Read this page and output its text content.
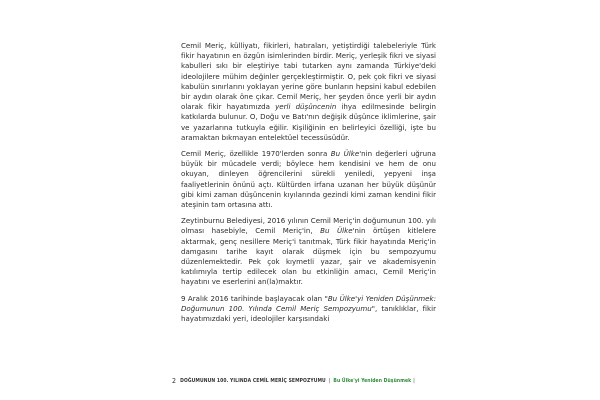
Cemil Meriç, külliyatı, fikirleri, hatıraları, yetiştirdiği talebeleriyle Türk fikir hayatının en özgün isimlerinden birdir. Meriç, yerleşik fikri ve siyasi kabulleri sıkı bir eleştiriye tabi tutarken aynı zamanda Türkiye'deki ideolojilere mühim değinler gerçekleştirmiştir. O, pek çok fikri ve siyasi kabulün sınırlarını yoklayan yerine göre bunların hepsini kabul edebilen bir aydın olarak öne çıkar. Cemil Meriç, her şeyden önce yerli bir aydın olarak fikir hayatımızda yerli düşüncenin ihya edilmesinde belirgin katkılarda bulunur. O, Doğu ve Batı'nın değişik düşünce iklimlerine, şair ve yazarlarına tutkuyla eğilir. Kişiliğinin en belirleyici özelliği, işte bu aramaktan bıkmayan entelektüel tecessüsüdür.

Cemil Meriç, özellikle 1970'lerden sonra Bu Ülke'nin değerleri uğruna büyük bir mücadele verdi; böylece hem kendisini ve hem de onu okuyan, dinleyen öğrencilerini sürekli yeniledi, yepyeni inşa faaliyetlerinin önünü açtı. Kültürden irfana uzanan her büyük düşünür gibi kimi zaman düşüncenin kıyılarında gezindi kimi zaman kendini fikir ateşinin tam ortasına attı.

Zeytinburnu Belediyesi, 2016 yılının Cemil Meriç'in doğumunun 100. yılı olması hasebiyle, Cemil Meriç'in, Bu Ülke'nin örtüşen kitlelere aktarmak, genç nesillere Meriç'i tanıtmak, Türk fikir hayatında Meriç'in damgasını tarihe kayıt olarak düşmek için bu sempozyumu düzenlemektedir. Pek çok kıymetli yazar, şair ve akademisyenin katılımıyla tertip edilecek olan bu etkinliğin amacı, Cemil Meriç'in hayatını ve eserlerini an(la)maktır.

9 Aralık 2016 tarihinde başlayacak olan "Bu Ülke'yi Yeniden Düşünmek: Doğumunun 100. Yılında Cemil Meriç Sempozyumu", tanıklıklar, fikir hayatımızdaki yeri, ideolojiler karşısındaki

2 DOĞUMUNUN 100. YILINDA CEMİL MERİÇ SEMPOZYUMU | Bu Ülke'yi Yeniden Düşünmek |
